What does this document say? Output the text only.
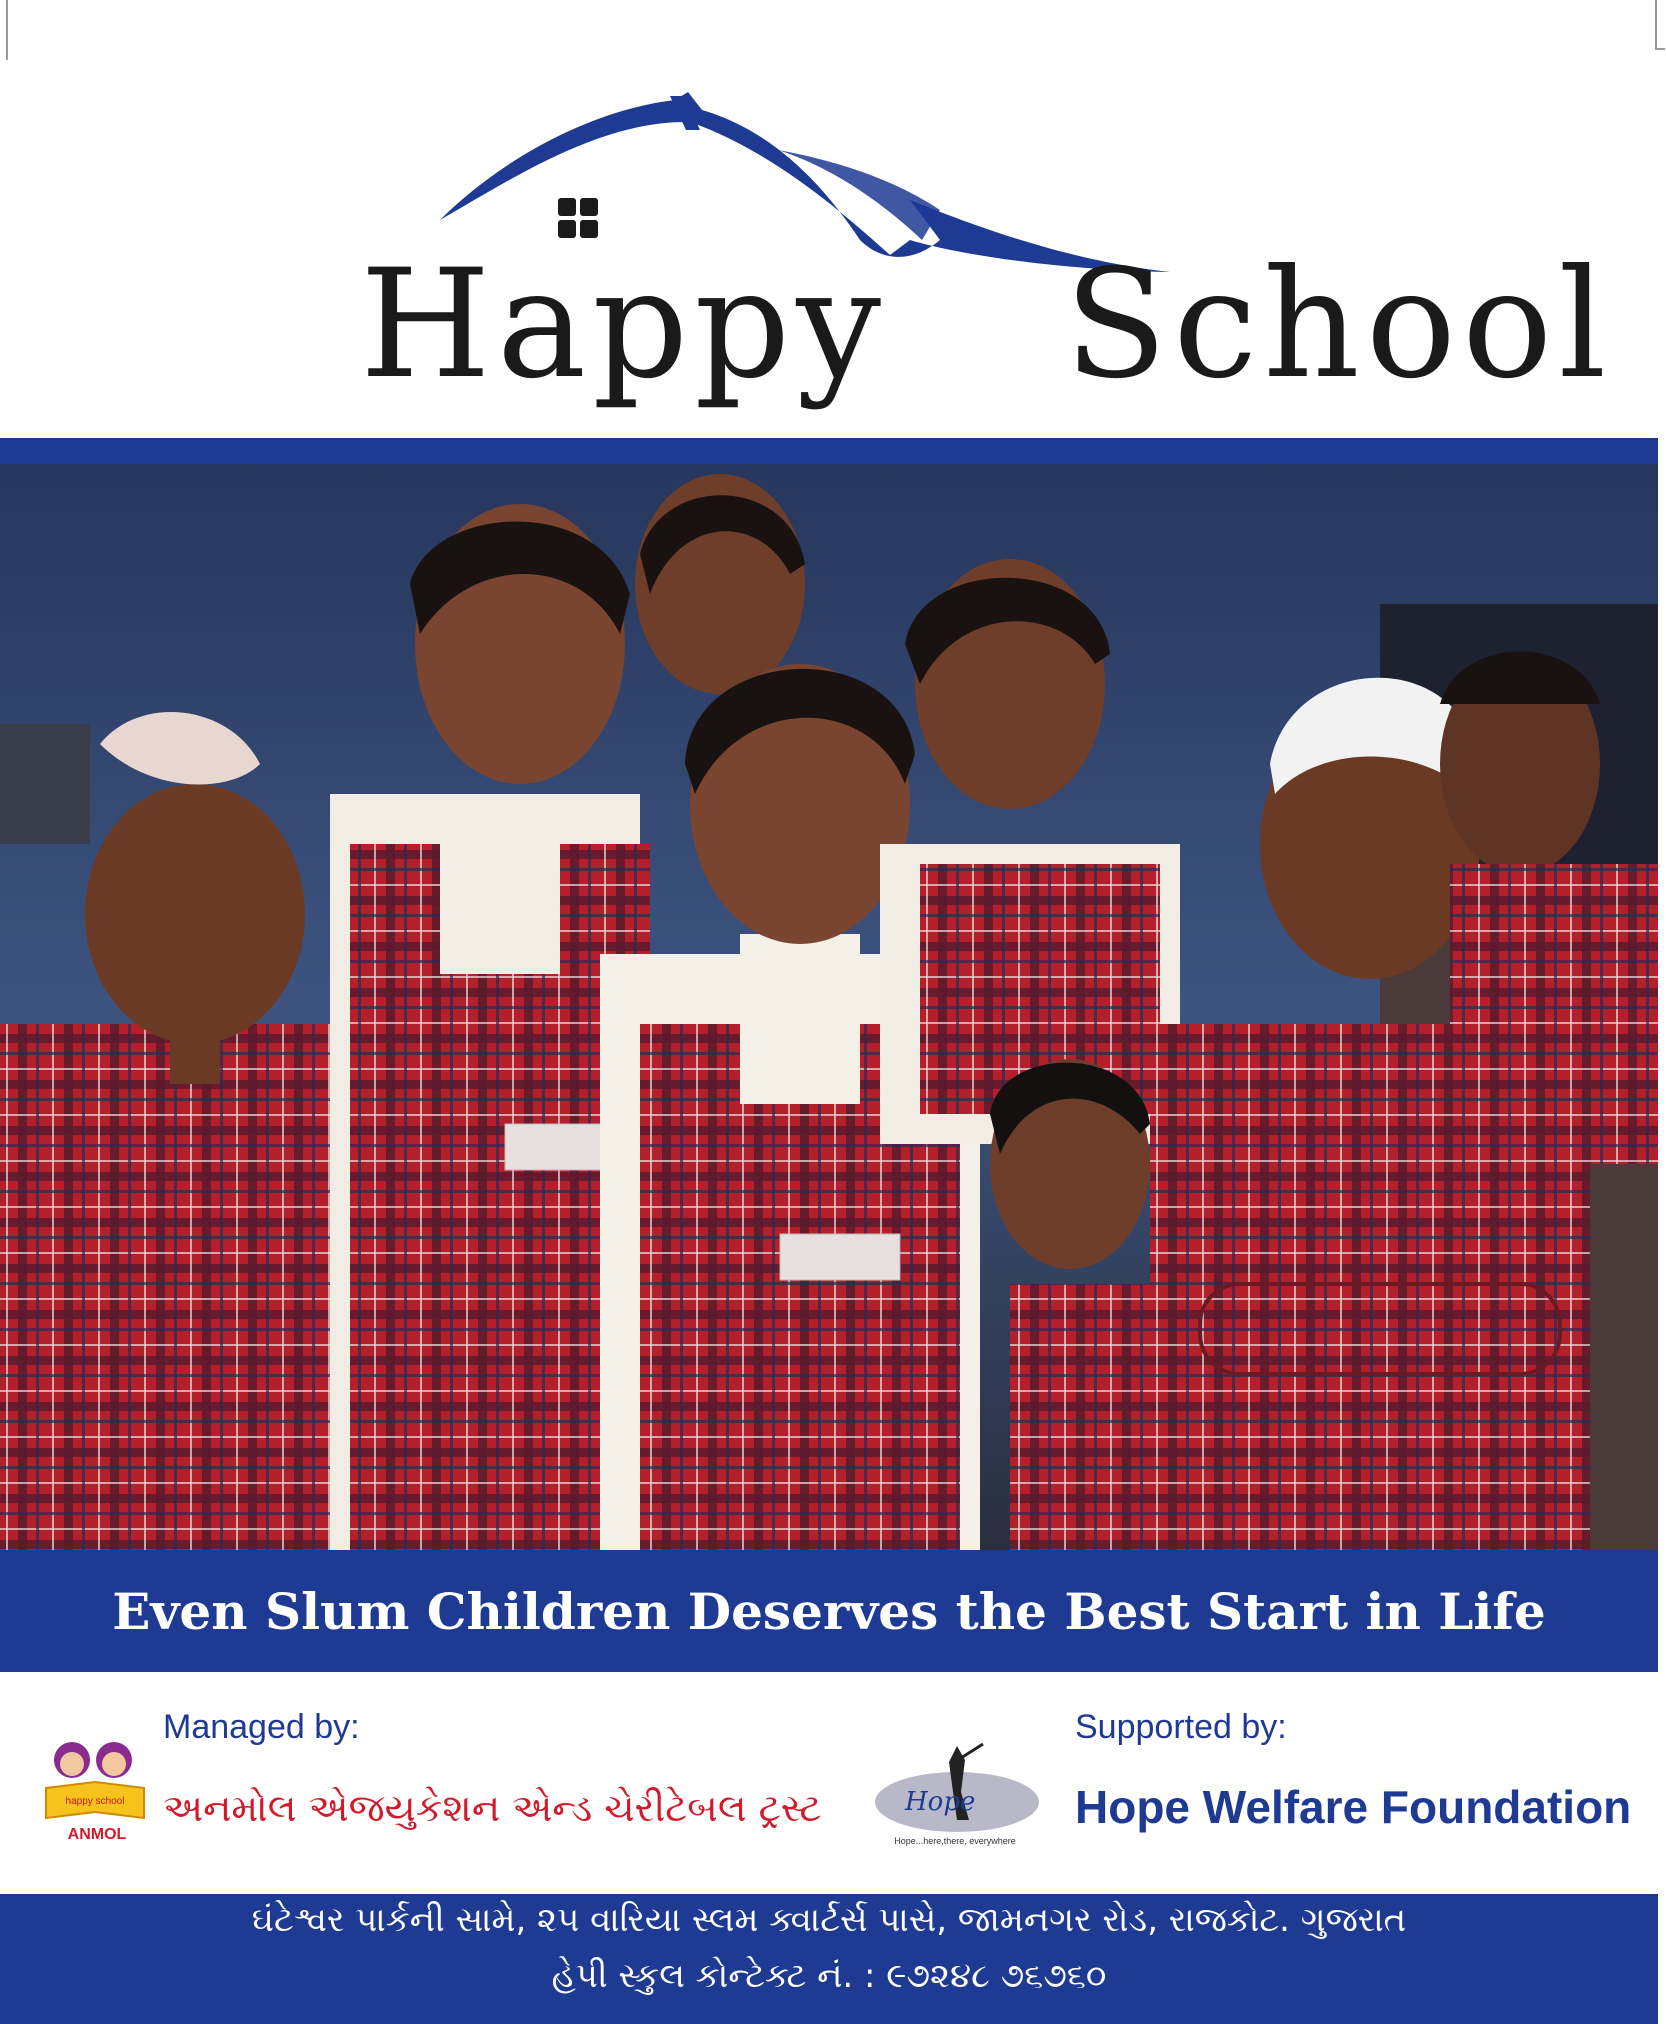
Happy School
Even Slum Children Deserves the Best Start in Life
Managed by:
happy school
ANMOL
અનમોલ એજયુકેશન એન્ડ ચેરીટેબલ ટ્રસ્ટ
Supported by:
Hope
Hope...here,there, everywhere
Hope Welfare Foundation
ઘંટેશ્વર પાર્કની સામે, ૨૫ વારિયા સ્લમ ક્વાર્ટર્સ પાસે, જામનગર રોડ, રાજકોટ. ગુજરાત
હેપી સ્કુલ કોન્ટેક્ટ નં. : ૯૭૨૪૮ ૭૬૭૬૦
